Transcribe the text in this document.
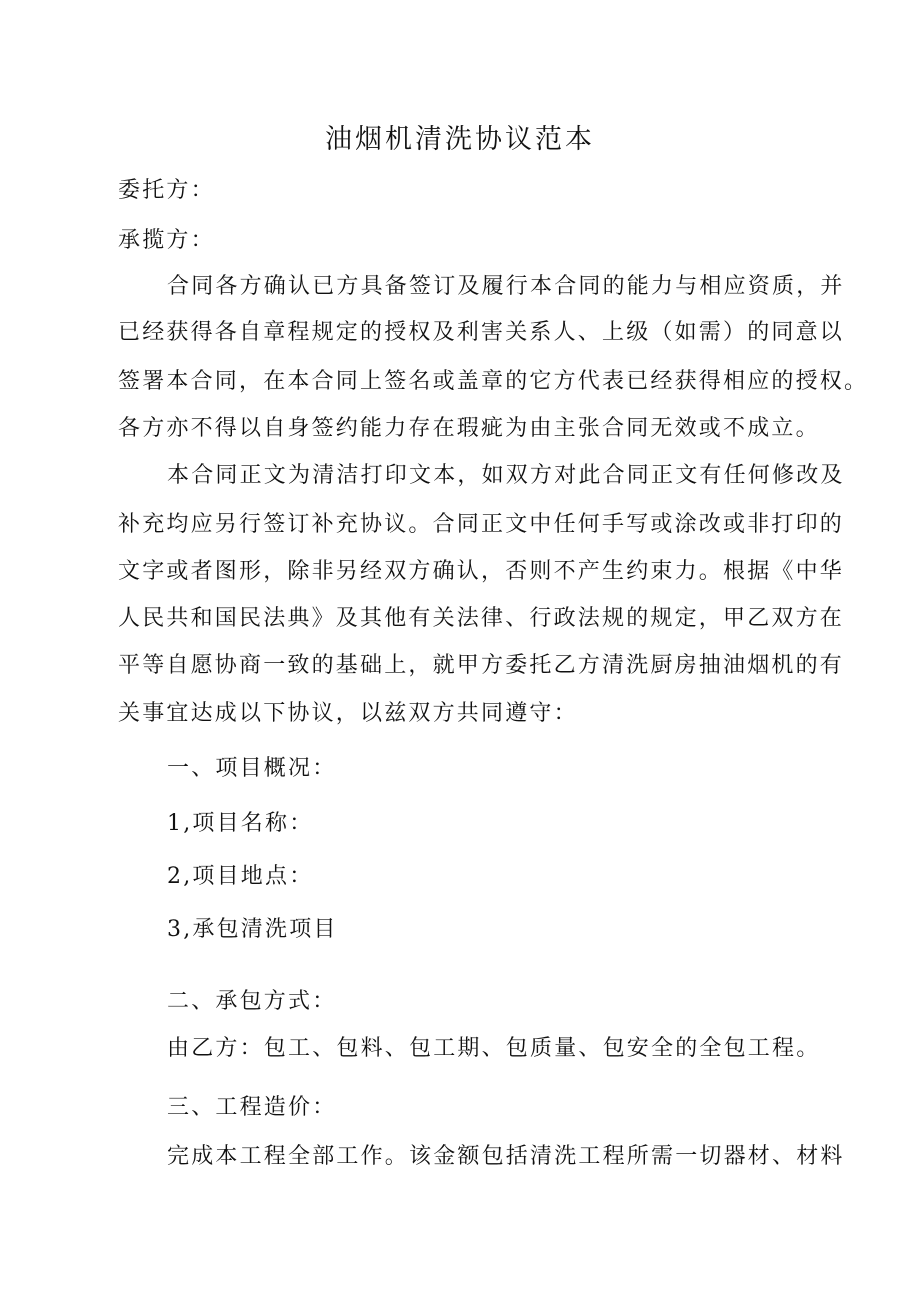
油烟机清洗协议范本
委托方：
承揽方：
合同各方确认已方具备签订及履行本合同的能力与相应资质，并
已经获得各自章程规定的授权及利害关系人、上级（如需）的同意以
签署本合同，在本合同上签名或盖章的它方代表已经获得相应的授权。
各方亦不得以自身签约能力存在瑕疵为由主张合同无效或不成立。
本合同正文为清洁打印文本，如双方对此合同正文有任何修改及
补充均应另行签订补充协议。合同正文中任何手写或涂改或非打印的
文字或者图形，除非另经双方确认，否则不产生约束力。根据《中华
人民共和国民法典》及其他有关法律、行政法规的规定，甲乙双方在
平等自愿协商一致的基础上，就甲方委托乙方清洗厨房抽油烟机的有
关事宜达成以下协议，以兹双方共同遵守：
一、项目概况：
1,项目名称：
2,项目地点：
3,承包清洗项目
二、承包方式：
由乙方：包工、包料、包工期、包质量、包安全的全包工程。
三、工程造价：
完成本工程全部工作。该金额包括清洗工程所需一切器材、材料
